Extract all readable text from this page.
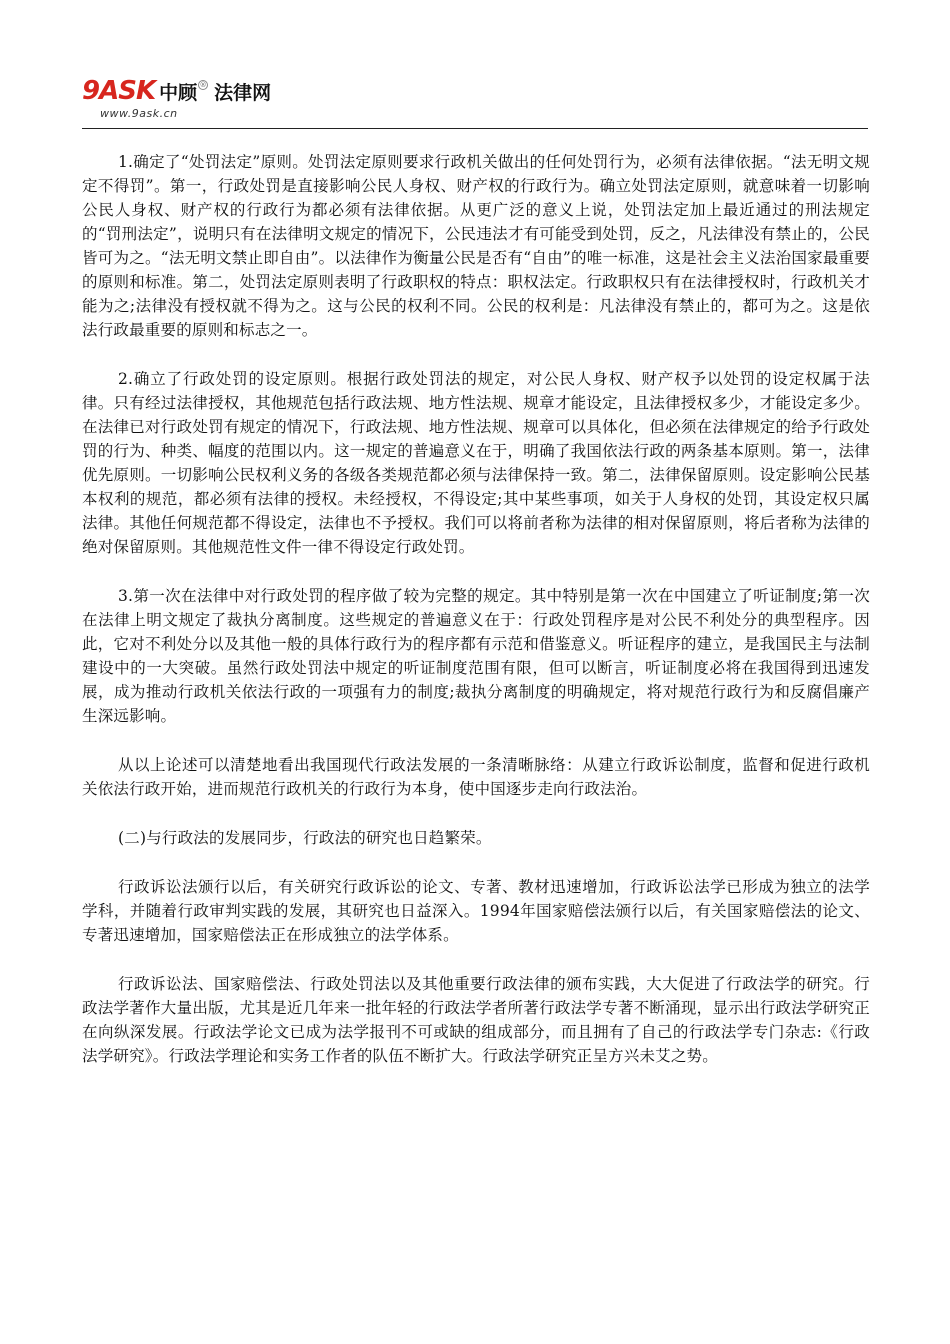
9ASK 中顾 ® 法律网
www.9ask.cn

1.确定了“处罚法定”原则。处罚法定原则要求行政机关做出的任何处罚行为，必须有法律依据。“法无明文规定不得罚”。第一，行政处罚是直接影响公民人身权、财产权的行政行为。确立处罚法定原则，就意味着一切影响公民人身权、财产权的行政行为都必须有法律依据。从更广泛的意义上说，处罚法定加上最近通过的刑法规定的“罚刑法定”，说明只有在法律明文规定的情况下，公民违法才有可能受到处罚，反之，凡法律没有禁止的，公民皆可为之。“法无明文禁止即自由”。以法律作为衡量公民是否有“自由”的唯一标准，这是社会主义法治国家最重要的原则和标准。第二，处罚法定原则表明了行政职权的特点：职权法定。行政职权只有在法律授权时，行政机关才能为之;法律没有授权就不得为之。这与公民的权利不同。公民的权利是：凡法律没有禁止的，都可为之。这是依法行政最重要的原则和标志之一。

2.确立了行政处罚的设定原则。根据行政处罚法的规定，对公民人身权、财产权予以处罚的设定权属于法律。只有经过法律授权，其他规范包括行政法规、地方性法规、规章才能设定，且法律授权多少，才能设定多少。在法律已对行政处罚有规定的情况下，行政法规、地方性法规、规章可以具体化，但必须在法律规定的给予行政处罚的行为、种类、幅度的范围以内。这一规定的普遍意义在于，明确了我国依法行政的两条基本原则。第一，法律优先原则。一切影响公民权利义务的各级各类规范都必须与法律保持一致。第二，法律保留原则。设定影响公民基本权利的规范，都必须有法律的授权。未经授权，不得设定;其中某些事项，如关于人身权的处罚，其设定权只属法律。其他任何规范都不得设定，法律也不予授权。我们可以将前者称为法律的相对保留原则，将后者称为法律的绝对保留原则。其他规范性文件一律不得设定行政处罚。

3.第一次在法律中对行政处罚的程序做了较为完整的规定。其中特别是第一次在中国建立了听证制度;第一次在法律上明文规定了裁执分离制度。这些规定的普遍意义在于：行政处罚程序是对公民不利处分的典型程序。因此，它对不利处分以及其他一般的具体行政行为的程序都有示范和借鉴意义。听证程序的建立，是我国民主与法制建设中的一大突破。虽然行政处罚法中规定的听证制度范围有限，但可以断言，听证制度必将在我国得到迅速发展，成为推动行政机关依法行政的一项强有力的制度;裁执分离制度的明确规定，将对规范行政行为和反腐倡廉产生深远影响。

从以上论述可以清楚地看出我国现代行政法发展的一条清晰脉络：从建立行政诉讼制度，监督和促进行政机关依法行政开始，进而规范行政机关的行政行为本身，使中国逐步走向行政法治。

(二)与行政法的发展同步，行政法的研究也日趋繁荣。

行政诉讼法颁行以后，有关研究行政诉讼的论文、专著、教材迅速增加，行政诉讼法学已形成为独立的法学学科，并随着行政审判实践的发展，其研究也日益深入。1994年国家赔偿法颁行以后，有关国家赔偿法的论文、专著迅速增加，国家赔偿法正在形成独立的法学体系。

行政诉讼法、国家赔偿法、行政处罚法以及其他重要行政法律的颁布实践，大大促进了行政法学的研究。行政法学著作大量出版，尤其是近几年来一批年轻的行政法学者所著行政法学专著不断涌现，显示出行政法学研究正在向纵深发展。行政法学论文已成为法学报刊不可或缺的组成部分，而且拥有了自己的行政法学专门杂志:《行政法学研究》。行政法学理论和实务工作者的队伍不断扩大。行政法学研究正呈方兴未艾之势。
